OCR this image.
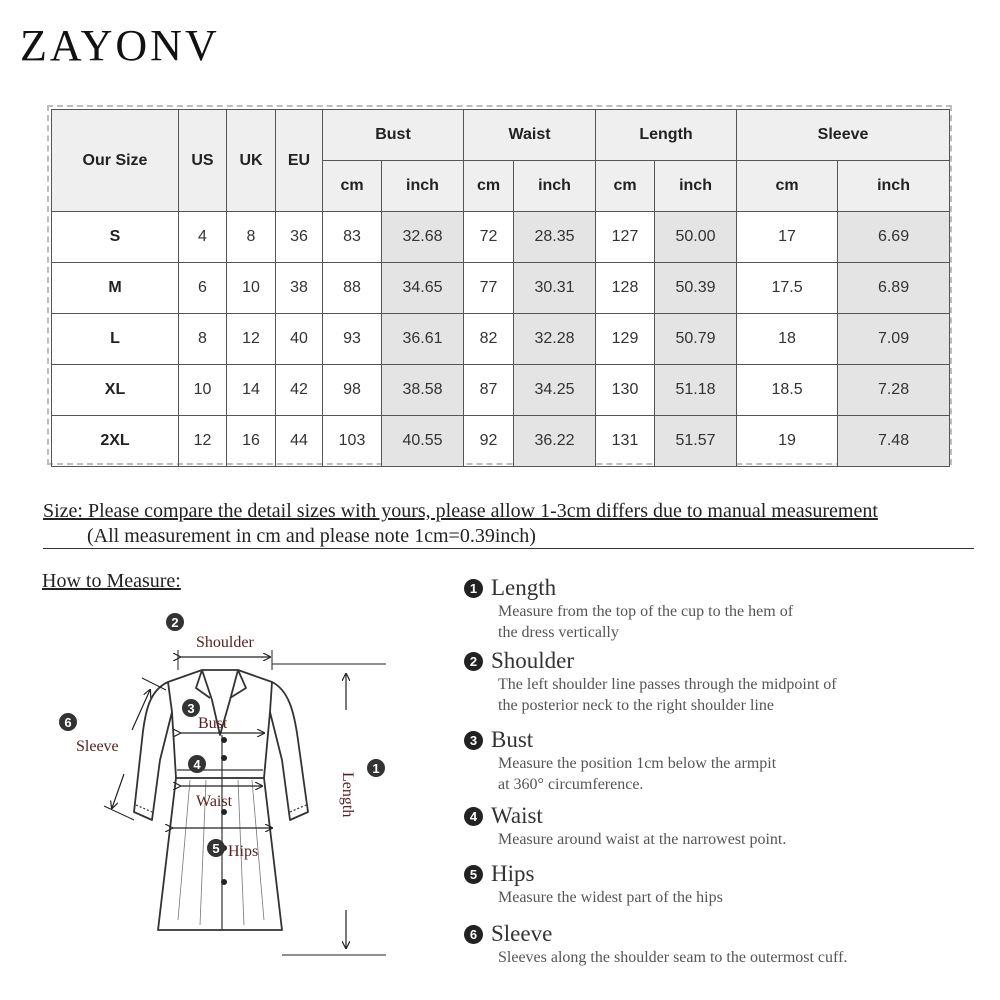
ZAYONV
Our Size	US	UK	EU	Bust		Waist		Length		Sleeve	
				cm	inch	cm	inch	cm	inch	cm	inch
S	4	8	36	83	32.68	72	28.35	127	50.00	17	6.69
M	6	10	38	88	34.65	77	30.31	128	50.39	17.5	6.89
L	8	12	40	93	36.61	82	32.28	129	50.79	18	7.09
XL	10	14	42	98	38.58	87	34.25	130	51.18	18.5	7.28
2XL	12	16	44	103	40.55	92	36.22	131	51.57	19	7.48
Size: Please compare the detail sizes with yours, please allow 1-3cm differs due to manual measurement
(All measurement in cm and please note 1cm=0.39inch)
How to Measure:
2
Shoulder
Length
1
3
Bust
4
Waist
5 Hips
6
Sleeve
1 Length
Measure from the top of the cup to the hem of
the dress vertically
2 Shoulder
The left shoulder line passes through the midpoint of
the posterior neck to the right shoulder line
3 Bust
Measure the position 1cm below the armpit
at 360° circumference.
4 Waist
Measure around waist at the narrowest point.
5 Hips
Measure the widest part of the hips
6 Sleeve
Sleeves along the shoulder seam to the outermost cuff.
